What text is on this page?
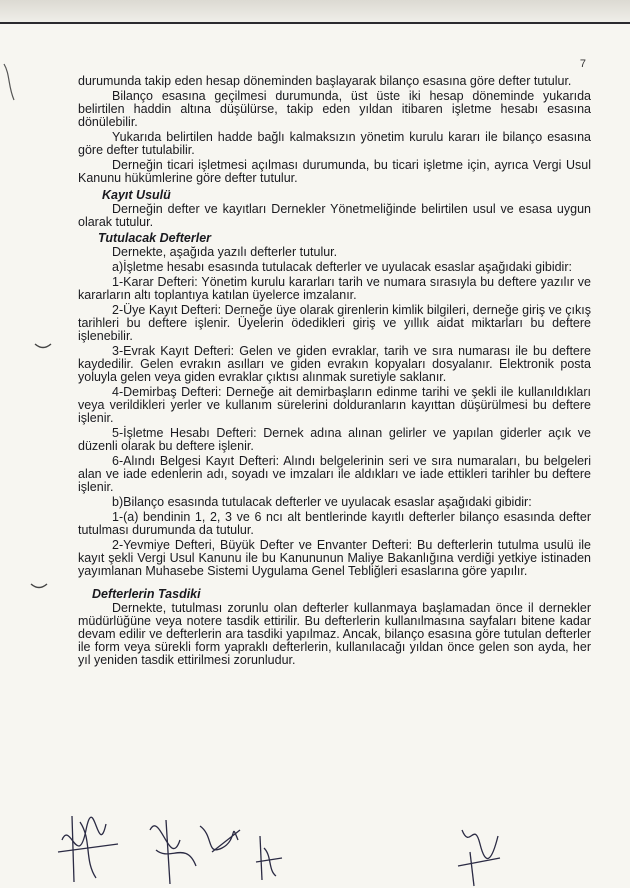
7

durumunda takip eden hesap döneminden başlayarak bilanço esasına göre defter tutulur.

Bilanço esasına geçilmesi durumunda, üst üste iki hesap döneminde yukarıda belirtilen haddin altına düşülürse, takip eden yıldan itibaren işletme hesabı esasına dönülebilir.

Yukarıda belirtilen hadde bağlı kalmaksızın yönetim kurulu kararı ile bilanço esasına göre defter tutulabilir.

Derneğin ticari işletmesi açılması durumunda, bu ticari işletme için, ayrıca Vergi Usul Kanunu hükümlerine göre defter tutulur.

Kayıt Usulü

Derneğin defter ve kayıtları Dernekler Yönetmeliğinde belirtilen usul ve esasa uygun olarak tutulur.

Tutulacak Defterler

Dernekte, aşağıda yazılı defterler tutulur.

a)İşletme hesabı esasında tutulacak defterler ve uyulacak esaslar aşağıdaki gibidir:

1-Karar Defteri: Yönetim kurulu kararları tarih ve numara sırasıyla bu deftere yazılır ve kararların altı toplantıya katılan üyelerce imzalanır.

2-Üye Kayıt Defteri: Derneğe üye olarak girenlerin kimlik bilgileri, derneğe giriş ve çıkış tarihleri bu deftere işlenir. Üyelerin ödedikleri giriş ve yıllık aidat miktarları bu deftere işlenebilir.

3-Evrak Kayıt Defteri: Gelen ve giden evraklar, tarih ve sıra numarası ile bu deftere kaydedilir. Gelen evrakın asılları ve giden evrakın kopyaları dosyalanır. Elektronik posta yoluyla gelen veya giden evraklar çıktısı alınmak suretiyle saklanır.

4-Demirbaş Defteri: Derneğe ait demirbaşların edinme tarihi ve şekli ile kullanıldıkları veya verildikleri yerler ve kullanım sürelerini dolduranların kayıttan düşürülmesi bu deftere işlenir.

5-İşletme Hesabı Defteri: Dernek adına alınan gelirler ve yapılan giderler açık ve düzenli olarak bu deftere işlenir.

6-Alındı Belgesi Kayıt Defteri: Alındı belgelerinin seri ve sıra numaraları, bu belgeleri alan ve iade edenlerin adı, soyadı ve imzaları ile aldıkları ve iade ettikleri tarihler bu deftere işlenir.

b)Bilanço esasında tutulacak defterler ve uyulacak esaslar aşağıdaki gibidir:

1-(a) bendinin 1, 2, 3 ve 6 ncı alt bentlerinde kayıtlı defterler bilanço esasında defter tutulması durumunda da tutulur.

2-Yevmiye Defteri, Büyük Defter ve Envanter Defteri: Bu defterlerin tutulma usulü ile kayıt şekli Vergi Usul Kanunu ile bu Kanununun Maliye Bakanlığına verdiği yetkiye istinaden yayımlanan Muhasebe Sistemi Uygulama Genel Tebliğleri esaslarına göre yapılır.

Defterlerin Tasdiki

Dernekte, tutulması zorunlu olan defterler kullanmaya başlamadan önce il dernekler müdürlüğüne veya notere tasdik ettirilir. Bu defterlerin kullanılmasına sayfaları bitene kadar devam edilir ve defterlerin ara tasdiki yapılmaz. Ancak, bilanço esasına göre tutulan defterler ile form veya sürekli form yapraklı defterlerin, kullanılacağı yıldan önce gelen son ayda, her yıl yeniden tasdik ettirilmesi zorunludur.
